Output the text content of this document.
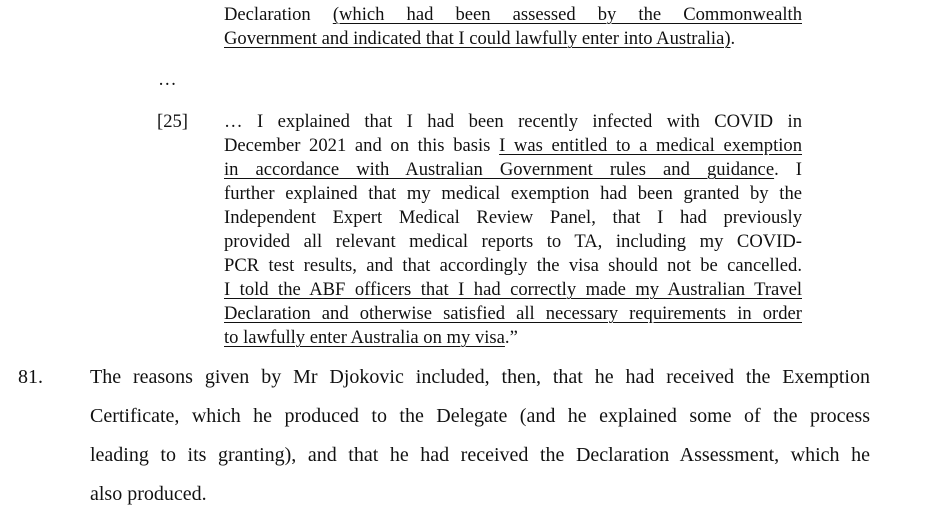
Declaration (which had been assessed by the Commonwealth
Government and indicated that I could lawfully enter into Australia).
…
[25] … I explained that I had been recently infected with COVID in
December 2021 and on this basis I was entitled to a medical exemption
in accordance with Australian Government rules and guidance. I
further explained that my medical exemption had been granted by the
Independent Expert Medical Review Panel, that I had previously
provided all relevant medical reports to TA, including my COVID-
PCR test results, and that accordingly the visa should not be cancelled.
I told the ABF officers that I had correctly made my Australian Travel
Declaration and otherwise satisfied all necessary requirements in order
to lawfully enter Australia on my visa.”
81. The reasons given by Mr Djokovic included, then, that he had received the Exemption
Certificate, which he produced to the Delegate (and he explained some of the process
leading to its granting), and that he had received the Declaration Assessment, which he
also produced.
